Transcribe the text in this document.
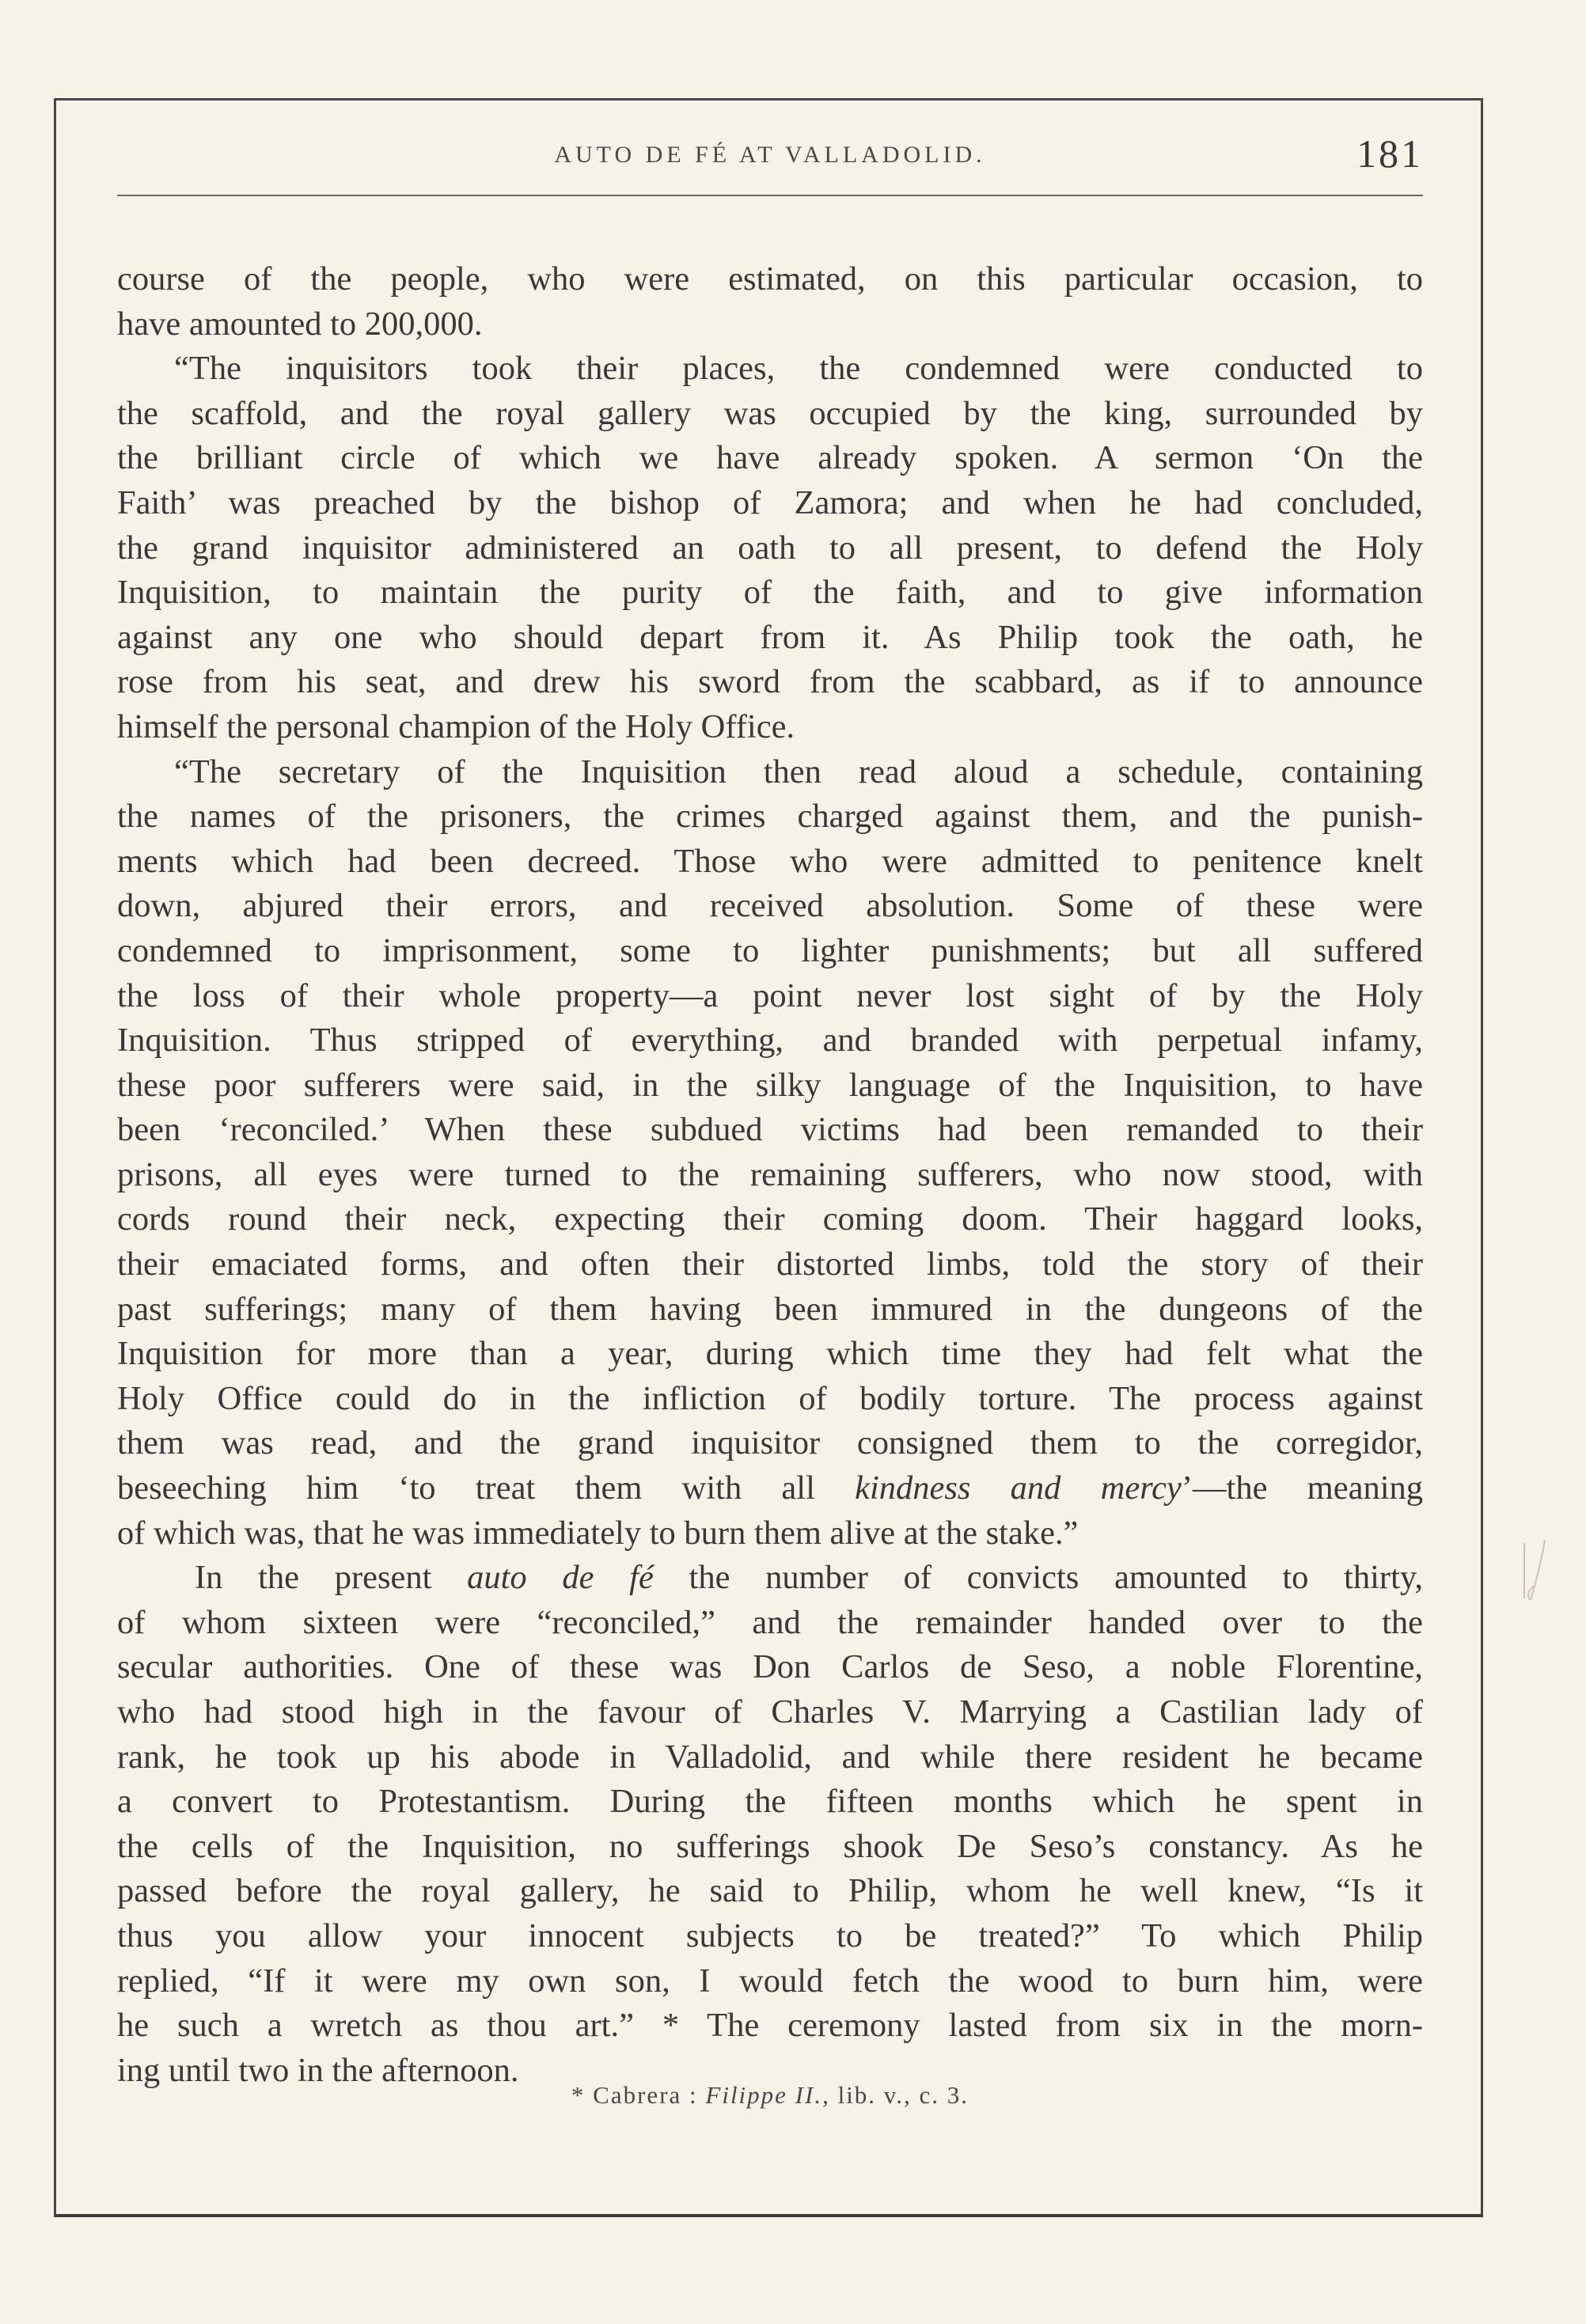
AUTO DE FÉ AT VALLADOLID.	181

course of the people, who were estimated, on this particular occasion, to

have amounted to 200,000.

“The inquisitors took their places, the condemned were conducted to

the scaffold, and the royal gallery was occupied by the king, surrounded by

the brilliant circle of which we have already spoken. A sermon ‘On the

Faith’ was preached by the bishop of Zamora; and when he had concluded,

the grand inquisitor administered an oath to all present, to defend the Holy

Inquisition, to maintain the purity of the faith, and to give information

against any one who should depart from it. As Philip took the oath, he

rose from his seat, and drew his sword from the scabbard, as if to announce

himself the personal champion of the Holy Office.

“The secretary of the Inquisition then read aloud a schedule, containing

the names of the prisoners, the crimes charged against them, and the punish-

ments which had been decreed. Those who were admitted to penitence knelt

down, abjured their errors, and received absolution. Some of these were

condemned to imprisonment, some to lighter punishments; but all suffered

the loss of their whole property—a point never lost sight of by the Holy

Inquisition. Thus stripped of everything, and branded with perpetual infamy,

these poor sufferers were said, in the silky language of the Inquisition, to have

been ‘reconciled.’ When these subdued victims had been remanded to their

prisons, all eyes were turned to the remaining sufferers, who now stood, with

cords round their neck, expecting their coming doom. Their haggard looks,

their emaciated forms, and often their distorted limbs, told the story of their

past sufferings; many of them having been immured in the dungeons of the

Inquisition for more than a year, during which time they had felt what the

Holy Office could do in the infliction of bodily torture. The process against

them was read, and the grand inquisitor consigned them to the corregidor,

beseeching him ‘to treat them with all kindness and mercy’—the meaning

of which was, that he was immediately to burn them alive at the stake.”

In the present auto de fé the number of convicts amounted to thirty,

of whom sixteen were “reconciled,” and the remainder handed over to the

secular authorities. One of these was Don Carlos de Seso, a noble Florentine,

who had stood high in the favour of Charles V. Marrying a Castilian lady of

rank, he took up his abode in Valladolid, and while there resident he became

a convert to Protestantism. During the fifteen months which he spent in

the cells of the Inquisition, no sufferings shook De Seso’s constancy. As he

passed before the royal gallery, he said to Philip, whom he well knew, “Is it

thus you allow your innocent subjects to be treated?” To which Philip

replied, “If it were my own son, I would fetch the wood to burn him, were

he such a wretch as thou art.” * The ceremony lasted from six in the morn-

ing until two in the afternoon.

* Cabrera : Filippe II., lib. v., c. 3.
